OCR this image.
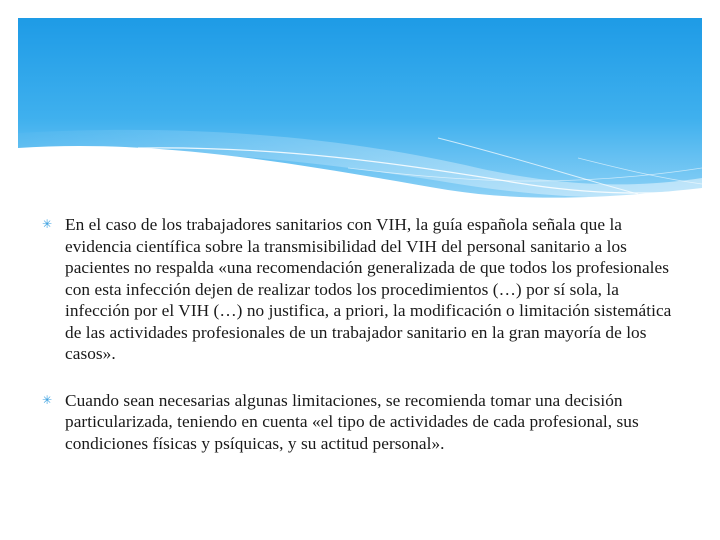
✳ En el caso de los trabajadores sanitarios con VIH, la guía española señala que la evidencia científica sobre la transmisibilidad del VIH del personal sanitario a los pacientes no respalda «una recomendación generalizada de que todos los profesionales con esta infección dejen de realizar todos los procedimientos (…) por sí sola, la infección por el VIH (…) no justifica, a priori, la modificación o limitación sistemática de las actividades profesionales de un trabajador sanitario en la gran mayoría de los casos».
✳ Cuando sean necesarias algunas limitaciones, se recomienda tomar una decisión particularizada, teniendo en cuenta «el tipo de actividades de cada profesional, sus condiciones físicas y psíquicas, y su actitud personal».
